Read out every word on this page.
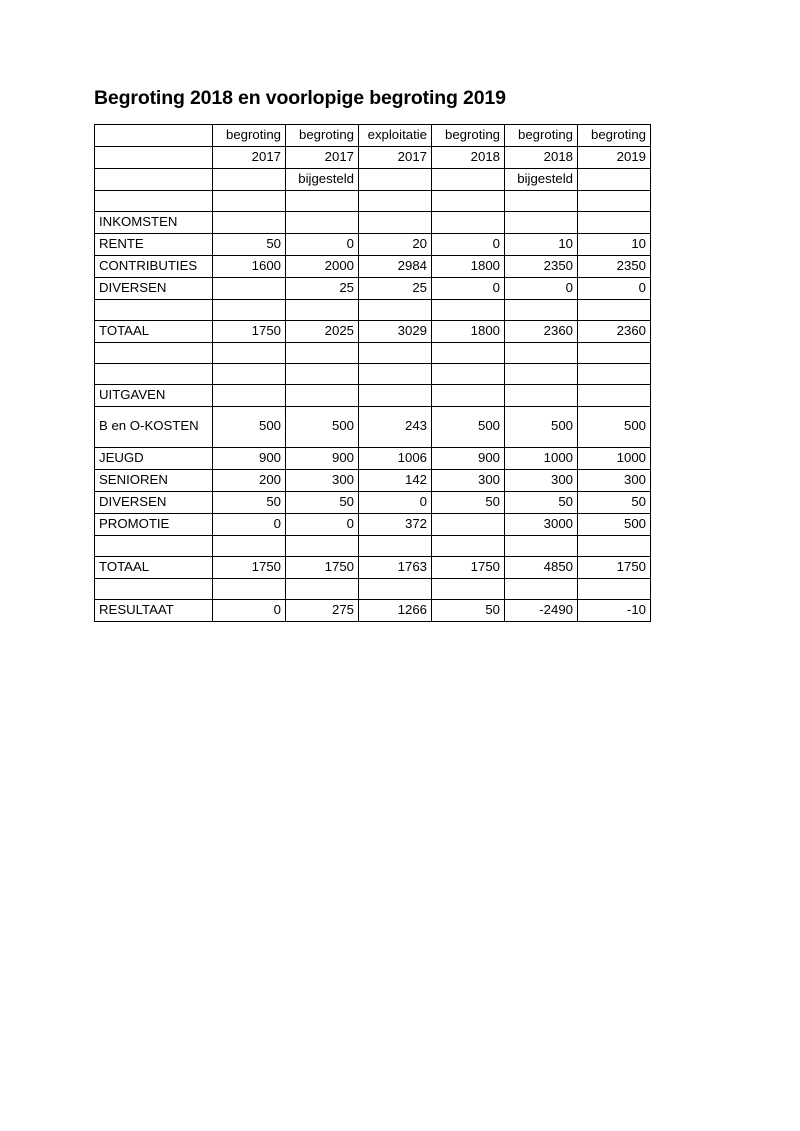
Begroting 2018 en voorlopige begroting 2019
	begroting	begroting	exploitatie	begroting	begroting	begroting
	2017	2017	2017	2018	2018	2019
		bijgesteld			bijgesteld	

INKOMSTEN						
RENTE	50	0	20	0	10	10
CONTRIBUTIES	1600	2000	2984	1800	2350	2350
DIVERSEN		25	25	0	0	0

TOTAAL	1750	2025	3029	1800	2360	2360

UITGAVEN						
B en O-KOSTEN	500	500	243	500	500	500
JEUGD	900	900	1006	900	1000	1000
SENIOREN	200	300	142	300	300	300
DIVERSEN	50	50	0	50	50	50
PROMOTIE	0	0	372		3000	500

TOTAAL	1750	1750	1763	1750	4850	1750

RESULTAAT	0	275	1266	50	-2490	-10
